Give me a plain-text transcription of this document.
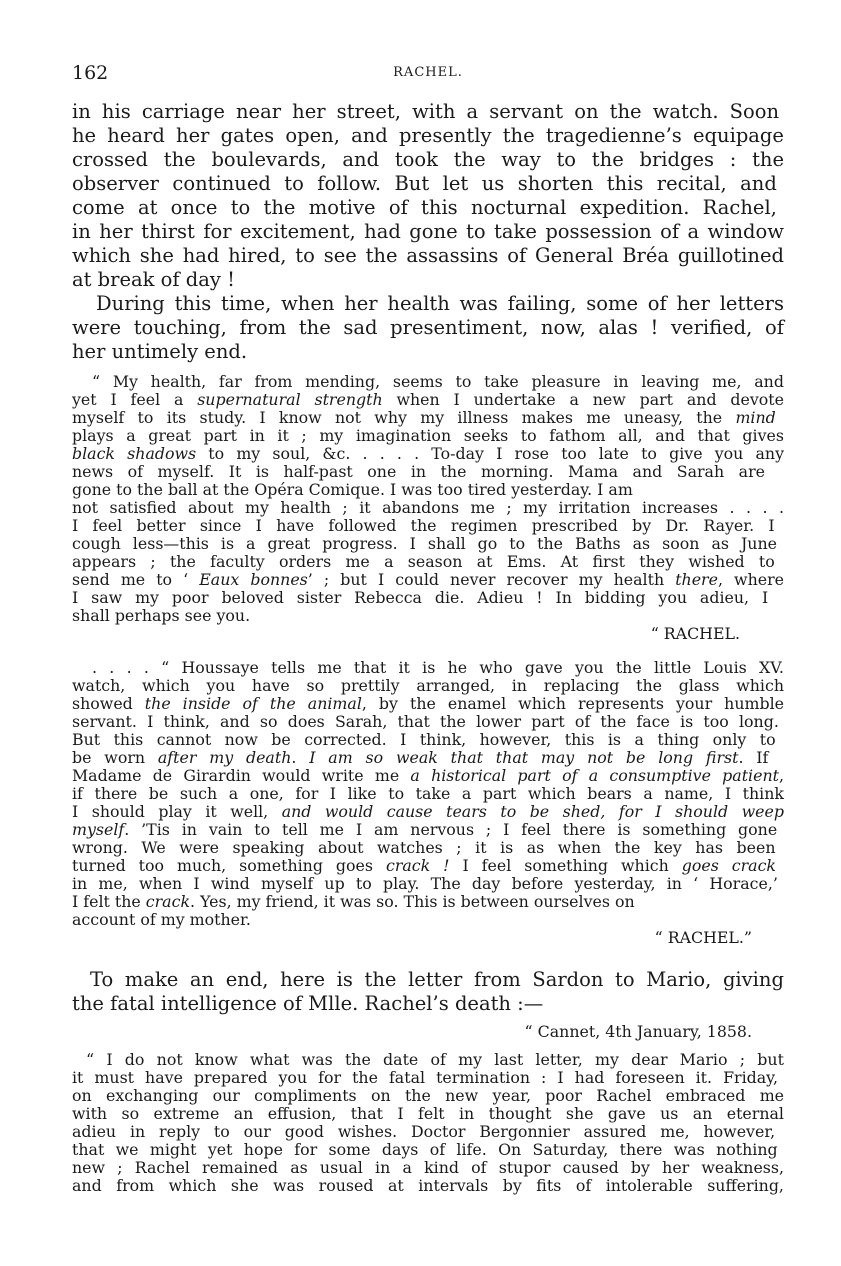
162	RACHEL.
in his carriage near her street, with a servant on the watch. Soon
he heard her gates open, and presently the tragedienne’s equipage
crossed the boulevards, and took the way to the bridges : the
observer continued to follow. But let us shorten this recital, and
come at once to the motive of this nocturnal expedition. Rachel,
in her thirst for excitement, had gone to take possession of a window
which she had hired, to see the assassins of General Bréa guillotined
at break of day !
During this time, when her health was failing, some of her letters
were touching, from the sad presentiment, now, alas ! verified, of
her untimely end.
“ My health, far from mending, seems to take pleasure in leaving me, and
yet I feel a supernatural strength when I undertake a new part and devote
myself to its study. I know not why my illness makes me uneasy, the mind
plays a great part in it ; my imagination seeks to fathom all, and that gives
black shadows to my soul, &c. . . . . To-day I rose too late to give you any
news of myself. It is half-past one in the morning. Mama and Sarah are
gone to the ball at the Opéra Comique. I was too tired yesterday. I am
not satisfied about my health ; it abandons me ; my irritation increases . . . .
I feel better since I have followed the regimen prescribed by Dr. Rayer. I
cough less—this is a great progress. I shall go to the Baths as soon as June
appears ; the faculty orders me a season at Ems. At first they wished to
send me to ‘ Eaux bonnes’ ; but I could never recover my health there, where
I saw my poor beloved sister Rebecca die. Adieu ! In bidding you adieu, I
shall perhaps see you.
“ RACHEL.
. . . . “ Houssaye tells me that it is he who gave you the little Louis XV.
watch, which you have so prettily arranged, in replacing the glass which
showed the inside of the animal, by the enamel which represents your humble
servant. I think, and so does Sarah, that the lower part of the face is too long.
But this cannot now be corrected. I think, however, this is a thing only to
be worn after my death. I am so weak that that may not be long first. If
Madame de Girardin would write me a historical part of a consumptive patient,
if there be such a one, for I like to take a part which bears a name, I think
I should play it well, and would cause tears to be shed, for I should weep
myself. ’Tis in vain to tell me I am nervous ; I feel there is something gone
wrong. We were speaking about watches ; it is as when the key has been
turned too much, something goes crack ! I feel something which goes crack
in me, when I wind myself up to play. The day before yesterday, in ‘ Horace,’
I felt the crack. Yes, my friend, it was so. This is between ourselves on
account of my mother.
“ RACHEL.”
To make an end, here is the letter from Sardon to Mario, giving
the fatal intelligence of Mlle. Rachel’s death :—
“ Cannet, 4th January, 1858.
“ I do not know what was the date of my last letter, my dear Mario ; but
it must have prepared you for the fatal termination : I had foreseen it. Friday,
on exchanging our compliments on the new year, poor Rachel embraced me
with so extreme an effusion, that I felt in thought she gave us an eternal
adieu in reply to our good wishes. Doctor Bergonnier assured me, however,
that we might yet hope for some days of life. On Saturday, there was nothing
new ; Rachel remained as usual in a kind of stupor caused by her weakness,
and from which she was roused at intervals by fits of intolerable suffering,
